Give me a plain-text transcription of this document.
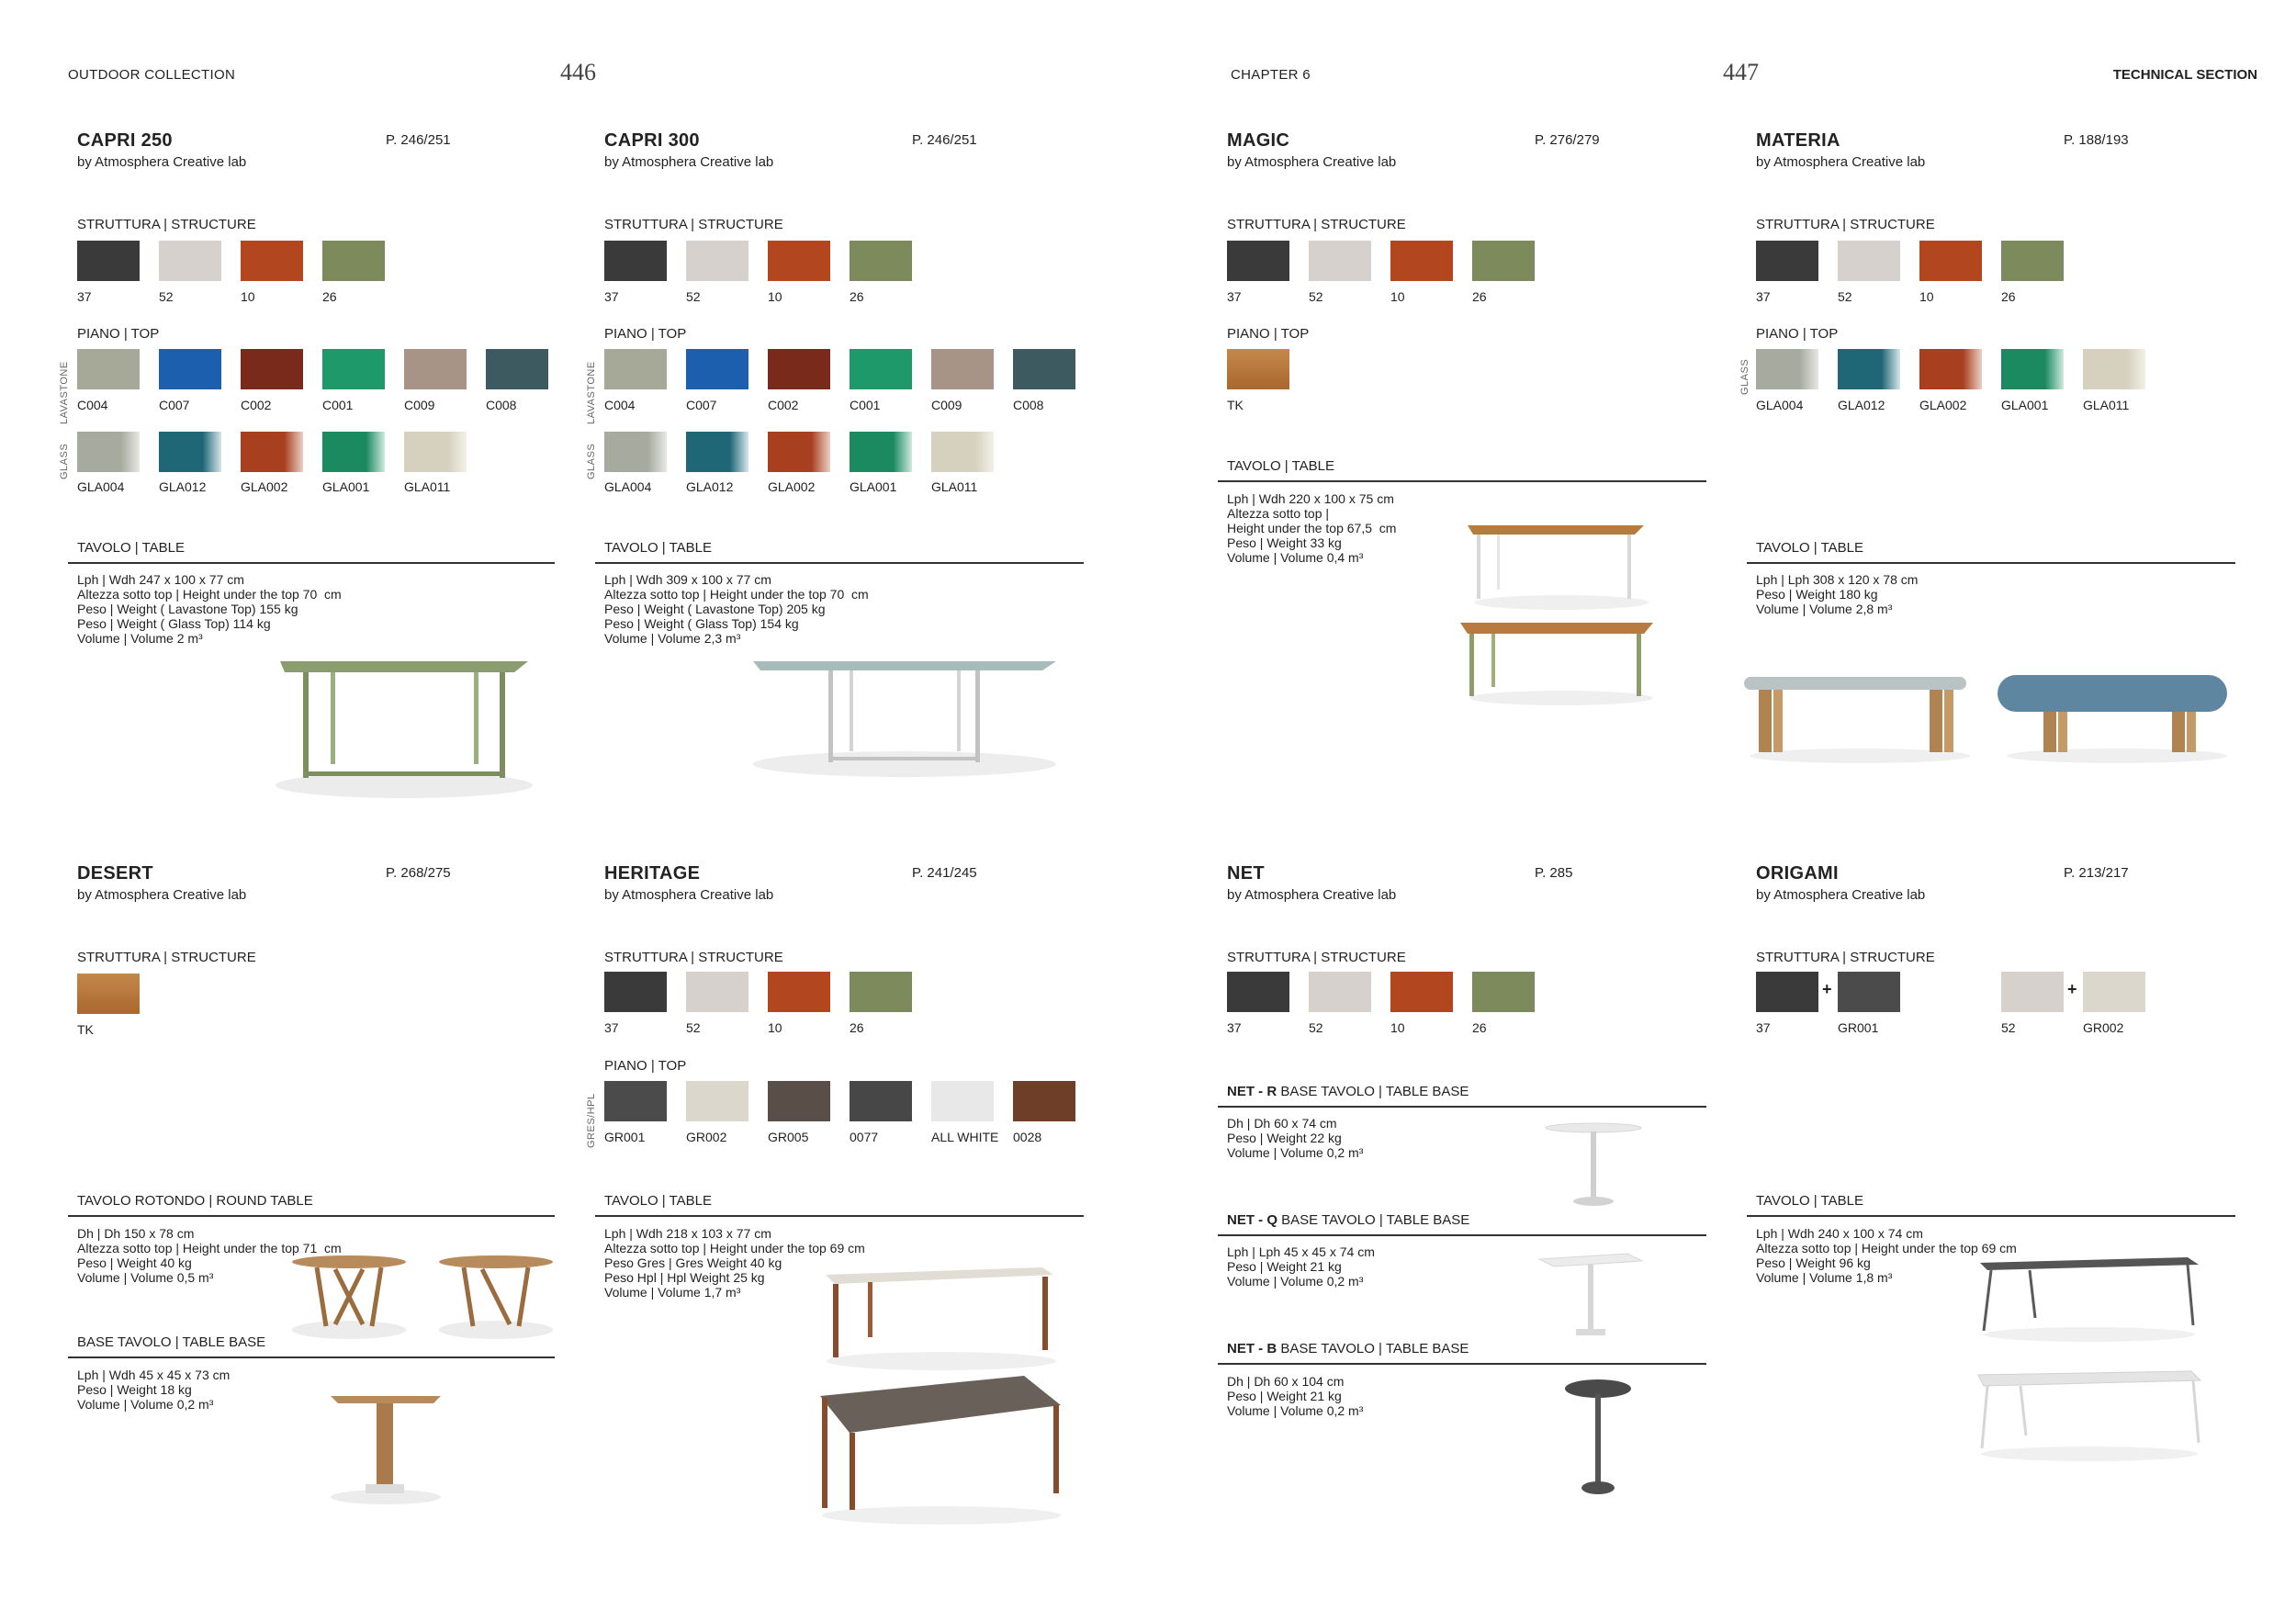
OUTDOOR COLLECTION	446	CHAPTER 6	447	TECHNICAL SECTION
CAPRI 250
by Atmosphera Creative lab
P. 246/251
STRUTTURA | STRUCTURE
37	52	10	26
PIANO | TOP
LAVASTONE
GLASS
C004	C007	C002	C001	C009	C008
GLA004	GLA012	GLA002	GLA001	GLA011
TAVOLO | TABLE
Lph | Wdh 247 x 100 x 77 cm
Altezza sotto top | Height under the top 70  cm
Peso | Weight ( Lavastone Top) 155 kg
Peso | Weight ( Glass Top) 114 kg
Volume | Volume 2 m³
CAPRI 300
by Atmosphera Creative lab
P. 246/251
STRUTTURA | STRUCTURE
37	52	10	26
PIANO | TOP
LAVASTONE
GLASS
C004	C007	C002	C001	C009	C008
GLA004	GLA012	GLA002	GLA001	GLA011
TAVOLO | TABLE
Lph | Wdh 309 x 100 x 77 cm
Altezza sotto top | Height under the top 70  cm
Peso | Weight ( Lavastone Top) 205 kg
Peso | Weight ( Glass Top) 154 kg
Volume | Volume 2,3 m³
MAGIC
by Atmosphera Creative lab
P. 276/279
STRUTTURA | STRUCTURE
37	52	10	26
PIANO | TOP
TK
TAVOLO | TABLE
Lph | Wdh 220 x 100 x 75 cm
Altezza sotto top |
Height under the top 67,5  cm
Peso | Weight 33 kg
Volume | Volume 0,4 m³
MATERIA
by Atmosphera Creative lab
P. 188/193
STRUTTURA | STRUCTURE
37	52	10	26
PIANO | TOP
GLASS
GLA004	GLA012	GLA002	GLA001	GLA011
TAVOLO | TABLE
Lph | Lph 308 x 120 x 78 cm
Peso | Weight 180 kg
Volume | Volume 2,8 m³
DESERT
by Atmosphera Creative lab
P. 268/275
STRUTTURA | STRUCTURE
TK
TAVOLO ROTONDO | ROUND TABLE
Dh | Dh 150 x 78 cm
Altezza sotto top | Height under the top 71  cm
Peso | Weight 40 kg
Volume | Volume 0,5 m³
BASE TAVOLO | TABLE BASE
Lph | Wdh 45 x 45 x 73 cm
Peso | Weight 18 kg
Volume | Volume 0,2 m³
HERITAGE
by Atmosphera Creative lab
P. 241/245
STRUTTURA | STRUCTURE
37	52	10	26
PIANO | TOP
GRES/HPL GR001	GR002	GR005	0077	ALL WHITE 0028
TAVOLO | TABLE
Lph | Wdh 218 x 103 x 77 cm
Altezza sotto top | Height under the top 69 cm
Peso Gres | Gres Weight 40 kg
Peso Hpl | Hpl Weight 25 kg
Volume | Volume 1,7 m³
NET
by Atmosphera Creative lab
P. 285
STRUTTURA | STRUCTURE
37	52	10	26
NET - R BASE TAVOLO | TABLE BASE
Dh | Dh 60 x 74 cm
Peso | Weight 22 kg
Volume | Volume 0,2 m³
NET - Q BASE TAVOLO | TABLE BASE
Lph | Lph 45 x 45 x 74 cm
Peso | Weight 21 kg
Volume | Volume 0,2 m³
NET - B BASE TAVOLO | TABLE BASE
Dh | Dh 60 x 104 cm
Peso | Weight 21 kg
Volume | Volume 0,2 m³
ORIGAMI
by Atmosphera Creative lab
P. 213/217
STRUTTURA | STRUCTURE
+	+
37	GR001	52	GR002
TAVOLO | TABLE
Lph | Wdh 240 x 100 x 74 cm
Altezza sotto top | Height under the top 69 cm
Peso | Weight 96 kg
Volume | Volume 1,8 m³
